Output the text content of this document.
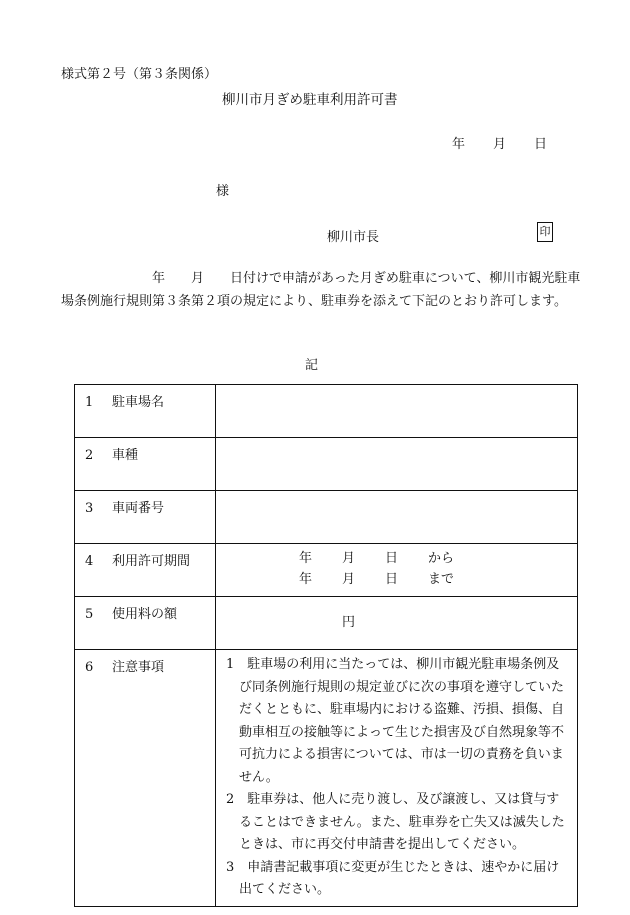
様式第２号（第３条関係）
柳川市月ぎめ駐車利用許可書
年 月 日
様
柳川市長	印
　　　　　　　年　　月　　日付けで申請があった月ぎめ駐車について、柳川市観光駐車場条例施行規則第３条第２項の規定により、駐車券を添えて下記のとおり許可します。
記
1 駐車場名	
2 車種	
3 車両番号	
4 利用許可期間	年 月 日 から
年 月 日 まで

5 使用料の額	円
6 注意事項	1　駐車場の利用に当たっては、柳川市観光駐車場条例及び同条例施行規則の規定並びに次の事項を遵守していただくとともに、駐車場内における盗難、汚損、損傷、自動車相互の接触等によって生じた損害及び自然現象等不可抗力による損害については、市は一切の責務を負いません。
2　駐車券は、他人に売り渡し、及び譲渡し、又は貸与することはできません。また、駐車券を亡失又は滅失したときは、市に再交付申請書を提出してください。
3　申請書記載事項に変更が生じたときは、速やかに届け出てください。
